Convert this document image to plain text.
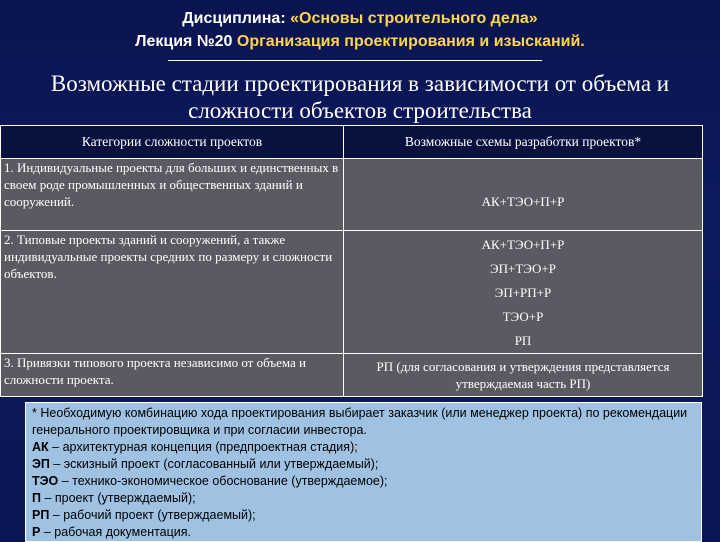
Дисциплина: «Основы строительного дела»
Лекция №20 Организация проектирования и изысканий.
Возможные стадии проектирования в зависимости от объема и сложности объектов строительства
Категории сложности проектов	Возможные схемы разработки проектов*
1. Индивидуальные проекты для больших и единственных в своем роде промышленных и общественных зданий и сооружений.	АК+ТЭО+П+Р

2. Типовые проекты зданий и сооружений, а также индивидуальные проекты средних по размеру и сложности объектов.	АК+ТЭО+П+Р
ЭП+ТЭО+Р
ЭП+РП+Р
ТЭО+Р
РП

3. Привязки типового проекта независимо от объема и сложности проекта.	РП (для согласования и утверждения представляется утверждаемая часть РП)
* Необходимую комбинацию хода проектирования выбирает заказчик (или менеджер проекта) по рекомендации генерального проектировщика и при согласии инвестора.
АК – архитектурная концепция (предпроектная стадия);
ЭП – эскизный проект (согласованный или утверждаемый);
ТЭО – технико-экономическое обоснование (утверждаемое);
П – проект (утверждаемый);
РП – рабочий проект (утверждаемый);
Р – рабочая документация.
